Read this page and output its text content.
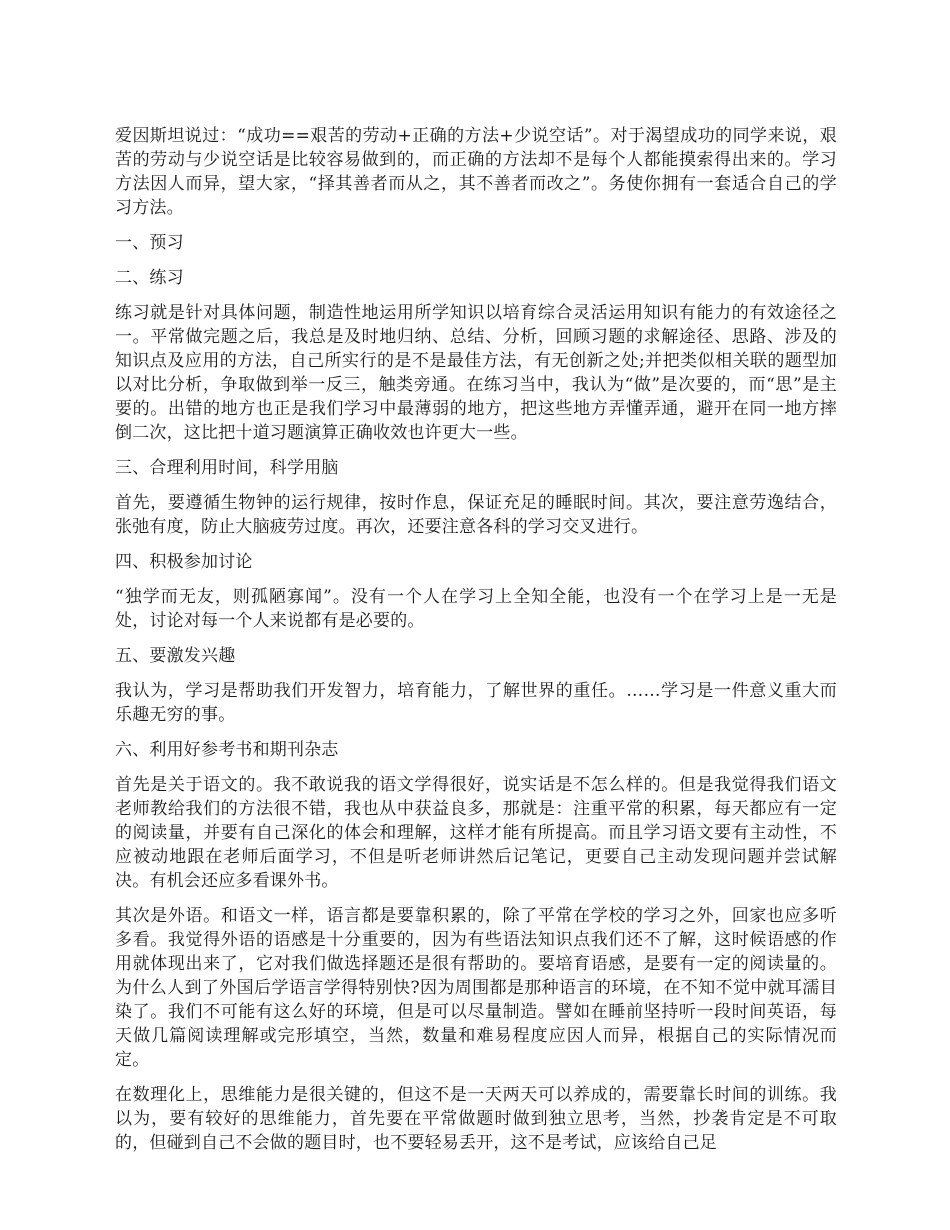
爱因斯坦说过：“成功==艰苦的劳动+正确的方法+少说空话”。对于渴望成功的同学来说，艰苦的劳动与少说空话是比较容易做到的，而正确的方法却不是每个人都能摸索得出来的。学习方法因人而异，望大家，“择其善者而从之，其不善者而改之”。务使你拥有一套适合自己的学习方法。

一、预习
二、练习

练习就是针对具体问题，制造性地运用所学知识以培育综合灵活运用知识有能力的有效途径之一。平常做完题之后，我总是及时地归纳、总结、分析，回顾习题的求解途径、思路、涉及的知识点及应用的方法，自己所实行的是不是最佳方法，有无创新之处;并把类似相关联的题型加以对比分析，争取做到举一反三，触类旁通。在练习当中，我认为“做”是次要的，而“思”是主要的。出错的地方也正是我们学习中最薄弱的地方，把这些地方弄懂弄通，避开在同一地方摔倒二次，这比把十道习题演算正确收效也许更大一些。

三、合理利用时间，科学用脑

首先，要遵循生物钟的运行规律，按时作息，保证充足的睡眠时间。其次，要注意劳逸结合，张弛有度，防止大脑疲劳过度。再次，还要注意各科的学习交叉进行。

四、积极参加讨论

“独学而无友，则孤陋寡闻”。没有一个人在学习上全知全能，也没有一个在学习上是一无是处，讨论对每一个人来说都有是必要的。

五、要激发兴趣

我认为，学习是帮助我们开发智力，培育能力，了解世界的重任。……学习是一件意义重大而乐趣无穷的事。

六、利用好参考书和期刊杂志

首先是关于语文的。我不敢说我的语文学得很好，说实话是不怎么样的。但是我觉得我们语文老师教给我们的方法很不错，我也从中获益良多，那就是：注重平常的积累，每天都应有一定的阅读量，并要有自己深化的体会和理解，这样才能有所提高。而且学习语文要有主动性，不应被动地跟在老师后面学习，不但是听老师讲然后记笔记，更要自己主动发现问题并尝试解决。有机会还应多看课外书。

其次是外语。和语文一样，语言都是要靠积累的，除了平常在学校的学习之外，回家也应多听多看。我觉得外语的语感是十分重要的，因为有些语法知识点我们还不了解，这时候语感的作用就体现出来了，它对我们做选择题还是很有帮助的。要培育语感，是要有一定的阅读量的。为什么人到了外国后学语言学得特别快?因为周围都是那种语言的环境，在不知不觉中就耳濡目染了。我们不可能有这么好的环境，但是可以尽量制造。譬如在睡前坚持听一段时间英语，每天做几篇阅读理解或完形填空，当然，数量和难易程度应因人而异，根据自己的实际情况而定。

在数理化上，思维能力是很关键的，但这不是一天两天可以养成的，需要靠长时间的训练。我以为，要有较好的思维能力，首先要在平常做题时做到独立思考，当然，抄袭肯定是不可取的，但碰到自己不会做的题目时，也不要轻易丢开，这不是考试，应该给自己足
